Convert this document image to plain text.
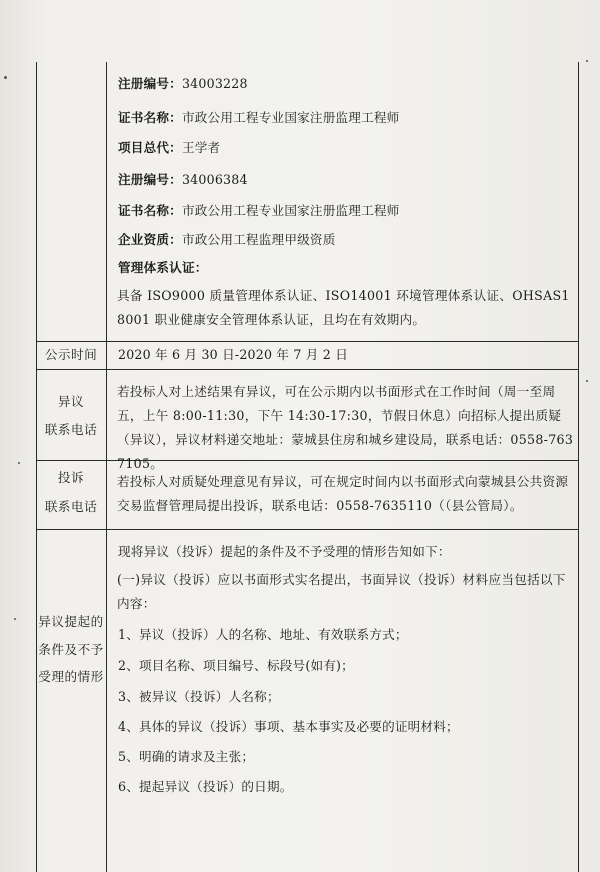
注册编号：34003228
证书名称：市政公用工程专业国家注册监理工程师
项目总代：王学者
注册编号：34006384
证书名称：市政公用工程专业国家注册监理工程师
企业资质：市政公用工程监理甲级资质
管理体系认证：
具备 ISO9000 质量管理体系认证、ISO14001 环境管理体系认证、OHSAS18001 职业健康安全管理体系认证，且均在有效期内。
公示时间	2020 年 6 月 30 日-2020 年 7 月 2 日
异议
联系电话
若投标人对上述结果有异议，可在公示期内以书面形式在工作时间（周一至周五，上午 8:00-11:30，下午 14:30-17:30，节假日休息）向招标人提出质疑（异议），异议材料递交地址：蒙城县住房和城乡建设局，联系电话：0558-7637105。
投诉
联系电话
若投标人对质疑处理意见有异议，可在规定时间内以书面形式向蒙城县公共资源交易监督管理局提出投诉，联系电话：0558-7635110（（县公管局）。
异议提起的
条件及不予
受理的情形
现将异议（投诉）提起的条件及不予受理的情形告知如下：
(一)异议（投诉）应以书面形式实名提出，书面异议（投诉）材料应当包括以下内容：
1、异议（投诉）人的名称、地址、有效联系方式；
2、项目名称、项目编号、标段号(如有)；
3、被异议（投诉）人名称；
4、具体的异议（投诉）事项、基本事实及必要的证明材料；
5、明确的请求及主张；
6、提起异议（投诉）的日期。
